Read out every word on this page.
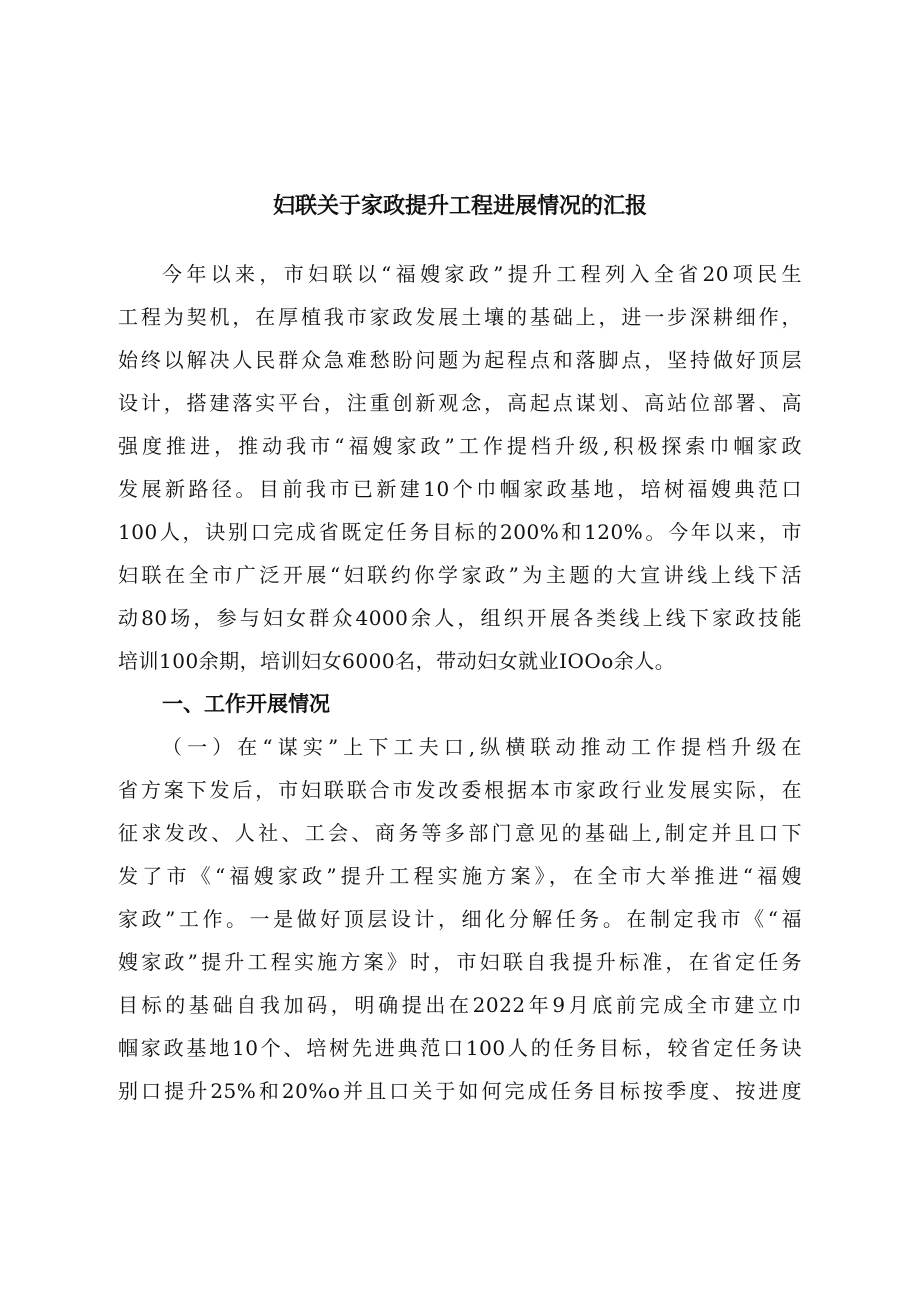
妇联关于家政提升工程进展情况的汇报
今年以来，市妇联以“福嫂家政”提升工程列入全省20项民生
工程为契机，在厚植我市家政发展土壤的基础上，进一步深耕细作，
始终以解决人民群众急难愁盼问题为起程点和落脚点，坚持做好顶层
设计，搭建落实平台，注重创新观念，高起点谋划、高站位部署、高
强度推进，推动我市“福嫂家政”工作提档升级,积极探索巾帼家政
发展新路径。目前我市已新建10个巾帼家政基地，培树福嫂典范口
100人，诀别口完成省既定任务目标的200%和120%。今年以来，市
妇联在全市广泛开展“妇联约你学家政”为主题的大宣讲线上线下活
动80场，参与妇女群众4000余人，组织开展各类线上线下家政技能
培训100余期，培训妇女6000名，带动妇女就业IOOo余人。
一、工作开展情况
（一）在“谋实”上下工夫口,纵横联动推动工作提档升级在
省方案下发后，市妇联联合市发改委根据本市家政行业发展实际，在
征求发改、人社、工会、商务等多部门意见的基础上,制定并且口下
发了市《“福嫂家政”提升工程实施方案》，在全市大举推进“福嫂
家政”工作。一是做好顶层设计，细化分解任务。在制定我市《“福
嫂家政”提升工程实施方案》时，市妇联自我提升标准，在省定任务
目标的基础自我加码，明确提出在2022年9月底前完成全市建立巾
帼家政基地10个、培树先进典范口100人的任务目标，较省定任务诀
别口提升25%和20%o并且口关于如何完成任务目标按季度、按进度
